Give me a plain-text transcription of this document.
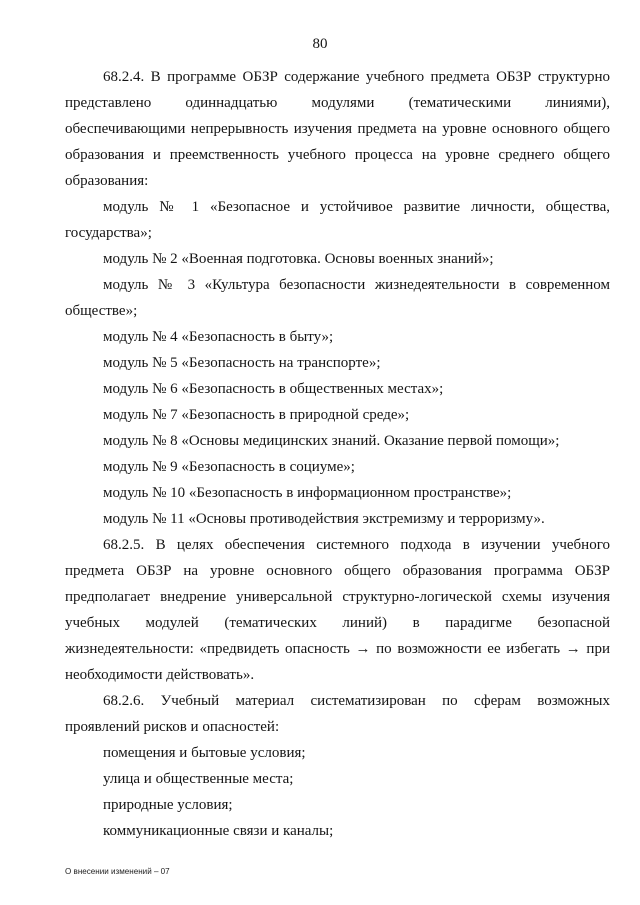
80

68.2.4. В программе ОБЗР содержание учебного предмета ОБЗР структурно представлено одиннадцатью модулями (тематическими линиями), обеспечивающими непрерывность изучения предмета на уровне основного общего образования и преемственность учебного процесса на уровне среднего общего образования:

модуль № 1 «Безопасное и устойчивое развитие личности, общества, государства»;

модуль № 2 «Военная подготовка. Основы военных знаний»;

модуль № 3 «Культура безопасности жизнедеятельности в современном обществе»;

модуль № 4 «Безопасность в быту»;

модуль № 5 «Безопасность на транспорте»;

модуль № 6 «Безопасность в общественных местах»;

модуль № 7 «Безопасность в природной среде»;

модуль № 8 «Основы медицинских знаний. Оказание первой помощи»;

модуль № 9 «Безопасность в социуме»;

модуль № 10 «Безопасность в информационном пространстве»;

модуль № 11 «Основы противодействия экстремизму и терроризму».

68.2.5. В целях обеспечения системного подхода в изучении учебного предмета ОБЗР на уровне основного общего образования программа ОБЗР предполагает внедрение универсальной структурно-логической схемы изучения учебных модулей (тематических линий) в парадигме безопасной жизнедеятельности: «предвидеть опасность → по возможности ее избегать → при необходимости действовать».

68.2.6. Учебный материал систематизирован по сферам возможных проявлений рисков и опасностей:

помещения и бытовые условия;

улица и общественные места;

природные условия;

коммуникационные связи и каналы;

О внесении изменений – 07
